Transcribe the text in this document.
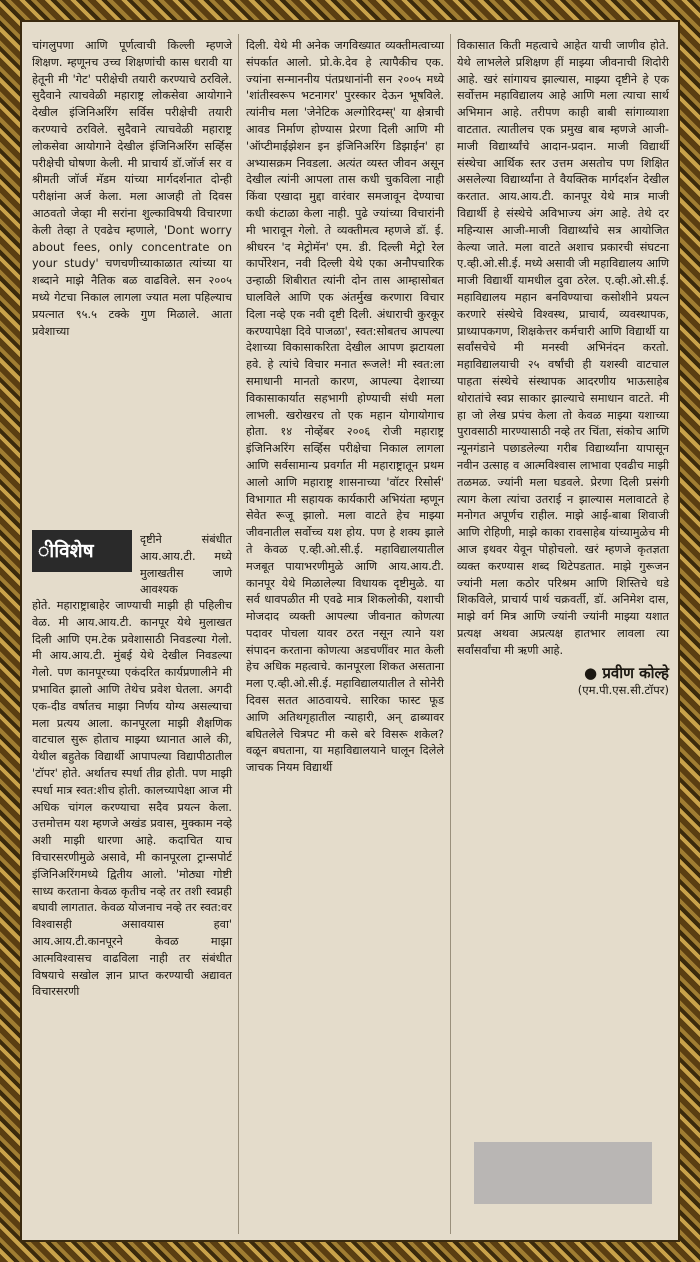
चांगलुपणा आणि पूर्णत्वाची किल्ली म्हणजे शिक्षण. म्हणूनच उच्च शिक्षणांची कास धरावी या हेतूनी मी 'गेट' परीक्षेची तयारी करण्याचे ठरविले. सुदैवाने त्याचवेळी महाराष्ट्र लोकसेवा आयोगाने देखील इंजिनिअरिंग सर्विस परीक्षेची तयारी करण्याचे ठरविले. सुदैवाने त्याचवेळी महाराष्ट्र लोकसेवा आयोगाने देखील इंजिनिअरिंग सर्व्हिस परीक्षेची घोषणा केली. मी प्राचार्य डॉ.जॉर्ज सर व श्रीमती जॉर्ज मॅडम यांच्या मार्गदर्शनात दोन्ही परीक्षांना अर्ज केला. मला आजही तो दिवस आठवतो जेव्हा मी सरांना शुल्काविषयी विचारणा केली तेव्हा ते एवढेच म्हणाले, 'Dont worry about fees, only concentrate on your study' चणचणीच्याकाळात त्यांच्या या शब्दाने माझे नैतिक बळ वाढविले. सन २००५ मध्ये गेटचा निकाल लागला ज्यात मला पहिल्याच प्रयत्नात ९५.५ टक्के गुण मिळाले. आता प्रवेशाच्या

ीविशेष

दृष्टीने संबंधीत आय.आय.टी. मध्ये मुलाखतीस जाणे आवश्यक

होते. महाराष्ट्राबाहेर जाण्याची माझी ही पहिलीच वेळ. मी आय.आय.टी. कानपूर येथे मुलाखत दिली आणि एम.टेक प्रवेशासाठी निवडल्या गेलो. मी आय.आय.टी. मुंबई येथे देखील निवडल्या गेलो. पण कानपूरच्या एकंदरित कार्यप्रणालीने मी प्रभावित झालो आणि तेथेच प्रवेश घेतला. अगदी एक-दीड वर्षातच माझा निर्णय योग्य असल्याचा मला प्रत्यय आला. कानपूरला माझी शैक्षणिक वाटचाल सुरू होताच माझ्या ध्यानात आले की, येथील बहुतेक विद्यार्थी आपापल्या विद्यापीठातील 'टॉपर' होते. अर्थातच स्पर्धा तीव्र होती. पण माझी स्पर्धा मात्र स्वत:शीच होती. कालच्यापेक्षा आज मी अधिक चांगल करण्याचा सदैव प्रयत्न केला. उत्तमोत्तम यश म्हणजे अखंड प्रवास, मुक्काम नव्हे अशी माझी धारणा आहे. कदाचित याच विचारसरणीमुळे असावे, मी कानपूरला ट्रान्सपोर्ट इंजिनिअरिंगमध्ये द्वितीय आलो. 'मोठ्या गोष्टी साध्य करताना केवळ कृतीच नव्हे तर तशी स्वप्नही बघावी लागतात. केवळ योजनाच नव्हे तर स्वत:वर विश्वासही असावयास हवा' आय.आय.टी.कानपूरने केवळ माझा आत्मविश्वासच वाढविला नाही तर संबंधीत विषयाचे सखोल ज्ञान प्राप्त करण्याची अद्यावत विचारसरणी

दिली. येथे मी अनेक जगविख्यात व्यक्तीमत्वाच्या संपर्कात आलो. प्रो.के.देव हे त्यापैकीच एक. ज्यांना सन्माननीय पंतप्रधानांनी सन २००५ मध्ये 'शांतीस्वरूप भटनागर' पुरस्कार देऊन भूषविले. त्यांनीच मला 'जेनेटिक अल्गोरिदम्स्' या क्षेत्राची आवड निर्माण होण्यास प्रेरणा दिली आणि मी 'ऑप्टीमाईझेशन इन इंजिनिअरिंग डिझाईन' हा अभ्यासक्रम निवडला. अत्यंत व्यस्त जीवन असून देखील त्यांनी आपला तास कधी चुकविला नाही किंवा एखादा मुद्दा वारंवार समजावून देण्याचा कधी कंटाळा केला नाही. पुढे ज्यांच्या विचारांनी मी भारावून गेलो. ते व्यक्तीमत्व म्हणजे डॉ. ई. श्रीधरन 'द मेट्रोमॅन' एम. डी. दिल्ली मेट्रो रेल कार्पोरेशन, नवी दिल्ली येथे एका अनौपचारिक उन्हाळी शिबीरात त्यांनी दोन तास आम्हासोबत घालविले आणि एक अंतर्मुख करणारा विचार दिला नव्हे एक नवी दृष्टी दिली. अंधाराची कुरकूर करण्यापेक्षा दिवे पाजळा', स्वत:सोबतच आपल्या देशाच्या विकासाकरिता देखील आपण झटायला हवे. हे त्यांचे विचार मनात रूजले! मी स्वत:ला समाधानी मानतो कारण, आपल्या देशाच्या विकासाकार्यात सहभागी होण्याची संधी मला लाभली. खरोखरच तो एक महान योगायोगाच होता. १४ नोव्हेंबर २००६ रोजी महाराष्ट्र इंजिनिअरिंग सर्व्हिस परीक्षेचा निकाल लागला आणि सर्वसामान्य प्रवर्गात मी महाराष्ट्रातून प्रथम आलो आणि महाराष्ट्र शासनाच्या 'वॉटर रिसोर्स' विभागात मी सहायक कार्यकारी अभियंता म्हणून सेवेत रूजू झालो. मला वाटते हेच माझ्या जीवनातील सर्वोच्च यश होय. पण हे शक्य झाले ते केवळ ए.व्ही.ओ.सी.ई. महाविद्यालयातील मजबूत पायाभरणीमुळे आणि आय.आय.टी. कानपूर येथे मिळालेल्या विधायक दृष्टीमुळे. या सर्व धावपळीत मी एवढे मात्र शिकलोकी, यशाची मोजदाद व्यक्ती आपल्या जीवनात कोणत्या पदावर पोचला यावर ठरत नसून त्याने यश संपादन करताना कोणत्या अडचणींवर मात केली हेच अधिक महत्वाचे. कानपूरला शिकत असताना मला ए.व्ही.ओ.सी.ई. महाविद्यालयातील ते सोनेरी दिवस सतत आठवायचे. सारिका फास्ट फूड आणि अतिथगृहातील न्याहारी, अन् ढाब्यावर बघितलेले चित्रपट मी कसे बरे विसरू शकेल? वळून बघताना, या महाविद्यालयाने घालून दिलेले जाचक नियम विद्यार्थी

विकासात किती महत्वाचे आहेत याची जाणीव होते. येथे लाभलेले प्रशिक्षण हीं माझ्या जीवनाची शिदोरी आहे. खरं सांगायच झाल्यास, माझ्या दृष्टीने हे एक सर्वोत्तम महाविद्यालय आहे आणि मला त्याचा सार्थ अभिमान आहे. तरीपण काही बाबी सांगाव्याशा वाटतात. त्यातीलच एक प्रमुख बाब म्हणजे आजी-माजी विद्यार्थ्यांचे आदान-प्रदान. माजी विद्यार्थी संस्थेचा आर्थिक स्तर उत्तम असतोच पण शिक्षित असलेल्या विद्यार्थ्यांना ते वैयक्तिक मार्गदर्शन देखील करतात. आय.आय.टी. कानपूर येथे मात्र माजी विद्यार्थी हे संस्थेचे अविभाज्य अंग आहे. तेथे दर महिन्यास आजी-माजी विद्यार्थ्यांचे सत्र आयोजित केल्या जाते. मला वाटते अशाच प्रकारची संघटना ए.व्ही.ओ.सी.ई. मध्ये असावी जी महाविद्यालय आणि माजी विद्यार्थी यामधील दुवा ठरेल. ए.व्ही.ओ.सी.ई. महाविद्यालय महान बनविण्याचा कसोशीने प्रयत्न करणारे संस्थेचे विश्वस्थ, प्राचार्य, व्यवस्थापक, प्राध्यापकगण, शिक्षकेत्तर कर्मचारी आणि विद्यार्थी या सर्वांसचेचे मी मनस्वी अभिनंदन करतो. महाविद्यालयाची २५ वर्षांची ही यशस्वी वाटचाल पाहता संस्थेचे संस्थापक आदरणीय भाऊसाहेब थोरातांचे स्वप्न साकार झाल्याचे समाधान वाटते. मी हा जो लेख प्रपंच केला तो केवळ माझ्या यशाच्या पुरावसाठी मारण्यासाठी नव्हे तर चिंता, संकोच आणि न्यूनगंडाने पछाडलेल्या गरीब विद्यार्थ्यांना यापासून नवीन उत्साह व आत्मविश्वास लाभावा एवढीच माझी तळमळ. ज्यांनी मला घडवले. प्रेरणा दिली प्रसंगी त्याग केला त्यांचा उतराई न झाल्यास मलावाटते हे मनोगत अपूर्णच राहील. माझे आई-बाबा शिवाजी आणि रोहिणी, माझे काका रावसाहेब यांच्यामुळेच मी आज इथवर येवून पोहोचलो. खरं म्हणजे कृतज्ञता व्यक्त करण्यास शब्द थिटेपडतात. माझे गुरूजन ज्यांनी मला कठोर परिश्रम आणि शिस्तिचे धडे शिकविले, प्राचार्य पार्थ चक्रवर्ती, डॉ. अनिमेश दास, माझे वर्ग मित्र आणि ज्यांनी ज्यांनी माझ्या यशात प्रत्यक्ष अथवा अप्रत्यक्ष हातभार लावला त्या सर्वांसर्वांचा मी ऋणी आहे.

● प्रवीण कोल्हे
(एम.पी.एस.सी.टॉपर)
